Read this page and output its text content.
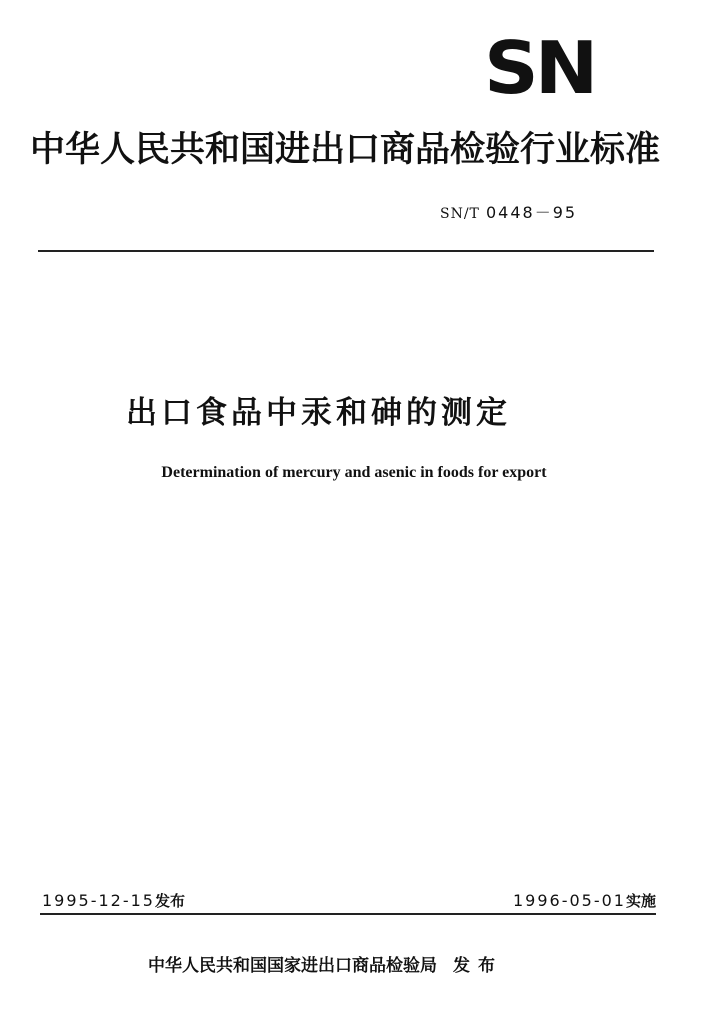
SN
中华人民共和国进出口商品检验行业标准
SN/T 0448－95
出口食品中汞和砷的测定
Determination of mercury and asenic in foods for export
1995-12-15发布	1996-05-01实施
中华人民共和国国家进出口商品检验局 发布
